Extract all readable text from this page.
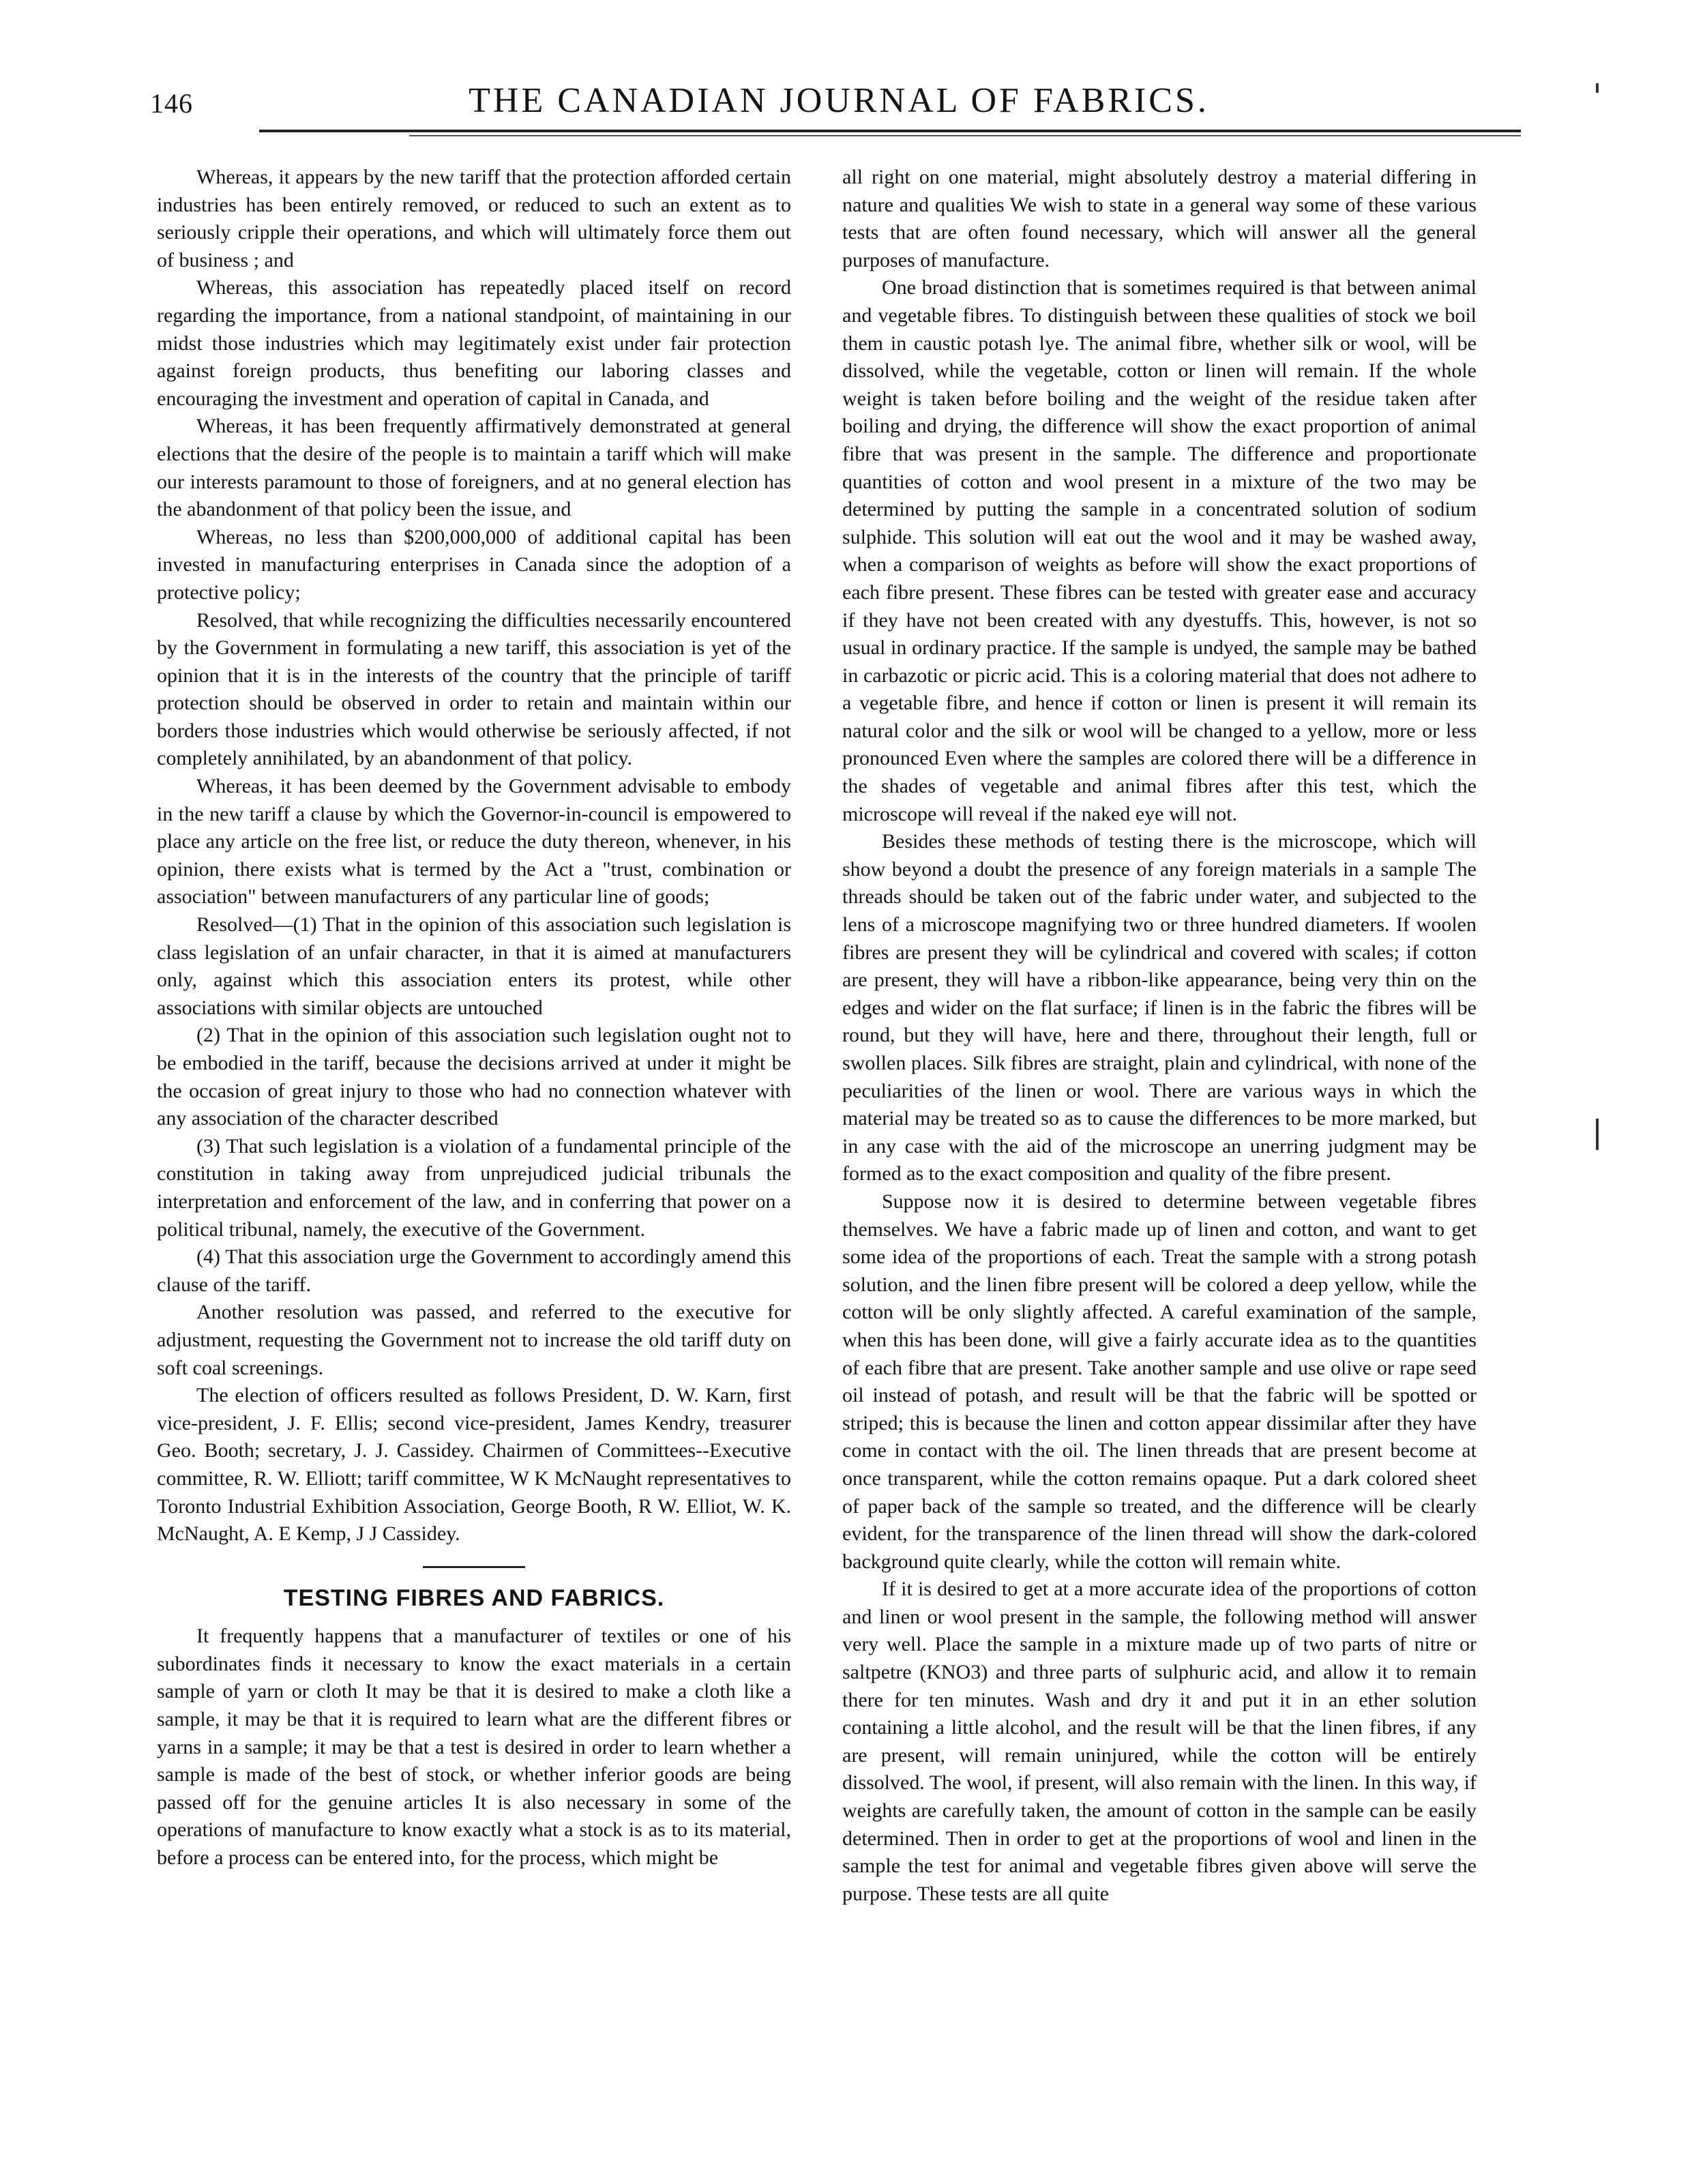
146	THE CANADIAN JOURNAL OF FABRICS.

Whereas, it appears by the new tariff that the protection afforded certain industries has been entirely removed, or reduced to such an extent as to seriously cripple their operations, and which will ultimately force them out of business ; and

Whereas, this association has repeatedly placed itself on record regarding the importance, from a national standpoint, of maintaining in our midst those industries which may legitimately exist under fair protection against foreign products, thus benefiting our laboring classes and encouraging the investment and operation of capital in Canada, and

Whereas, it has been frequently affirmatively demonstrated at general elections that the desire of the people is to maintain a tariff which will make our interests paramount to those of foreigners, and at no general election has the abandonment of that policy been the issue, and

Whereas, no less than $200,000,000 of additional capital has been invested in manufacturing enterprises in Canada since the adoption of a protective policy;

Resolved, that while recognizing the difficulties necessarily encountered by the Government in formulating a new tariff, this association is yet of the opinion that it is in the interests of the country that the principle of tariff protection should be observed in order to retain and maintain within our borders those industries which would otherwise be seriously affected, if not completely annihilated, by an abandonment of that policy.

Whereas, it has been deemed by the Government advisable to embody in the new tariff a clause by which the Governor-in-council is empowered to place any article on the free list, or reduce the duty thereon, whenever, in his opinion, there exists what is termed by the Act a "trust, combination or association" between manufacturers of any particular line of goods;

Resolved—(1) That in the opinion of this association such legislation is class legislation of an unfair character, in that it is aimed at manufacturers only, against which this association enters its protest, while other associations with similar objects are untouched

(2) That in the opinion of this association such legislation ought not to be embodied in the tariff, because the decisions arrived at under it might be the occasion of great injury to those who had no connection whatever with any association of the character described

(3) That such legislation is a violation of a fundamental principle of the constitution in taking away from unprejudiced judicial tribunals the interpretation and enforcement of the law, and in conferring that power on a political tribunal, namely, the executive of the Government.

(4) That this association urge the Government to accordingly amend this clause of the tariff.

Another resolution was passed, and referred to the executive for adjustment, requesting the Government not to increase the old tariff duty on soft coal screenings.

The election of officers resulted as follows President, D. W. Karn, first vice-president, J. F. Ellis; second vice-president, James Kendry, treasurer Geo. Booth; secretary, J. J. Cassidey. Chairmen of Committees--Executive committee, R. W. Elliott; tariff committee, W K McNaught representatives to Toronto Industrial Exhibition Association, George Booth, R W. Elliot, W. K. McNaught, A. E Kemp, J J Cassidey.

TESTING FIBRES AND FABRICS.

It frequently happens that a manufacturer of textiles or one of his subordinates finds it necessary to know the exact materials in a certain sample of yarn or cloth It may be that it is desired to make a cloth like a sample, it may be that it is required to learn what are the different fibres or yarns in a sample; it may be that a test is desired in order to learn whether a sample is made of the best of stock, or whether inferior goods are being passed off for the genuine articles It is also necessary in some of the operations of manufacture to know exactly what a stock is as to its material, before a process can be entered into, for the process, which might be

all right on one material, might absolutely destroy a material differing in nature and qualities We wish to state in a general way some of these various tests that are often found necessary, which will answer all the general purposes of manufacture.

One broad distinction that is sometimes required is that between animal and vegetable fibres. To distinguish between these qualities of stock we boil them in caustic potash lye. The animal fibre, whether silk or wool, will be dissolved, while the vegetable, cotton or linen will remain. If the whole weight is taken before boiling and the weight of the residue taken after boiling and drying, the difference will show the exact proportion of animal fibre that was present in the sample. The difference and proportionate quantities of cotton and wool present in a mixture of the two may be determined by putting the sample in a concentrated solution of sodium sulphide. This solution will eat out the wool and it may be washed away, when a comparison of weights as before will show the exact proportions of each fibre present. These fibres can be tested with greater ease and accuracy if they have not been created with any dyestuffs. This, however, is not so usual in ordinary practice. If the sample is undyed, the sample may be bathed in carbazotic or picric acid. This is a coloring material that does not adhere to a vegetable fibre, and hence if cotton or linen is present it will remain its natural color and the silk or wool will be changed to a yellow, more or less pronounced Even where the samples are colored there will be a difference in the shades of vegetable and animal fibres after this test, which the microscope will reveal if the naked eye will not.

Besides these methods of testing there is the microscope, which will show beyond a doubt the presence of any foreign materials in a sample The threads should be taken out of the fabric under water, and subjected to the lens of a microscope magnifying two or three hundred diameters. If woolen fibres are present they will be cylindrical and covered with scales; if cotton are present, they will have a ribbon-like appearance, being very thin on the edges and wider on the flat surface; if linen is in the fabric the fibres will be round, but they will have, here and there, throughout their length, full or swollen places. Silk fibres are straight, plain and cylindrical, with none of the peculiarities of the linen or wool. There are various ways in which the material may be treated so as to cause the differences to be more marked, but in any case with the aid of the microscope an unerring judgment may be formed as to the exact composition and quality of the fibre present.

Suppose now it is desired to determine between vegetable fibres themselves. We have a fabric made up of linen and cotton, and want to get some idea of the proportions of each. Treat the sample with a strong potash solution, and the linen fibre present will be colored a deep yellow, while the cotton will be only slightly affected. A careful examination of the sample, when this has been done, will give a fairly accurate idea as to the quantities of each fibre that are present. Take another sample and use olive or rape seed oil instead of potash, and result will be that the fabric will be spotted or striped; this is because the linen and cotton appear dissimilar after they have come in contact with the oil. The linen threads that are present become at once transparent, while the cotton remains opaque. Put a dark colored sheet of paper back of the sample so treated, and the difference will be clearly evident, for the transparence of the linen thread will show the dark-colored background quite clearly, while the cotton will remain white.

If it is desired to get at a more accurate idea of the proportions of cotton and linen or wool present in the sample, the following method will answer very well. Place the sample in a mixture made up of two parts of nitre or saltpetre (KNO3) and three parts of sulphuric acid, and allow it to remain there for ten minutes. Wash and dry it and put it in an ether solution containing a little alcohol, and the result will be that the linen fibres, if any are present, will remain uninjured, while the cotton will be entirely dissolved. The wool, if present, will also remain with the linen. In this way, if weights are carefully taken, the amount of cotton in the sample can be easily determined. Then in order to get at the proportions of wool and linen in the sample the test for animal and vegetable fibres given above will serve the purpose. These tests are all quite
